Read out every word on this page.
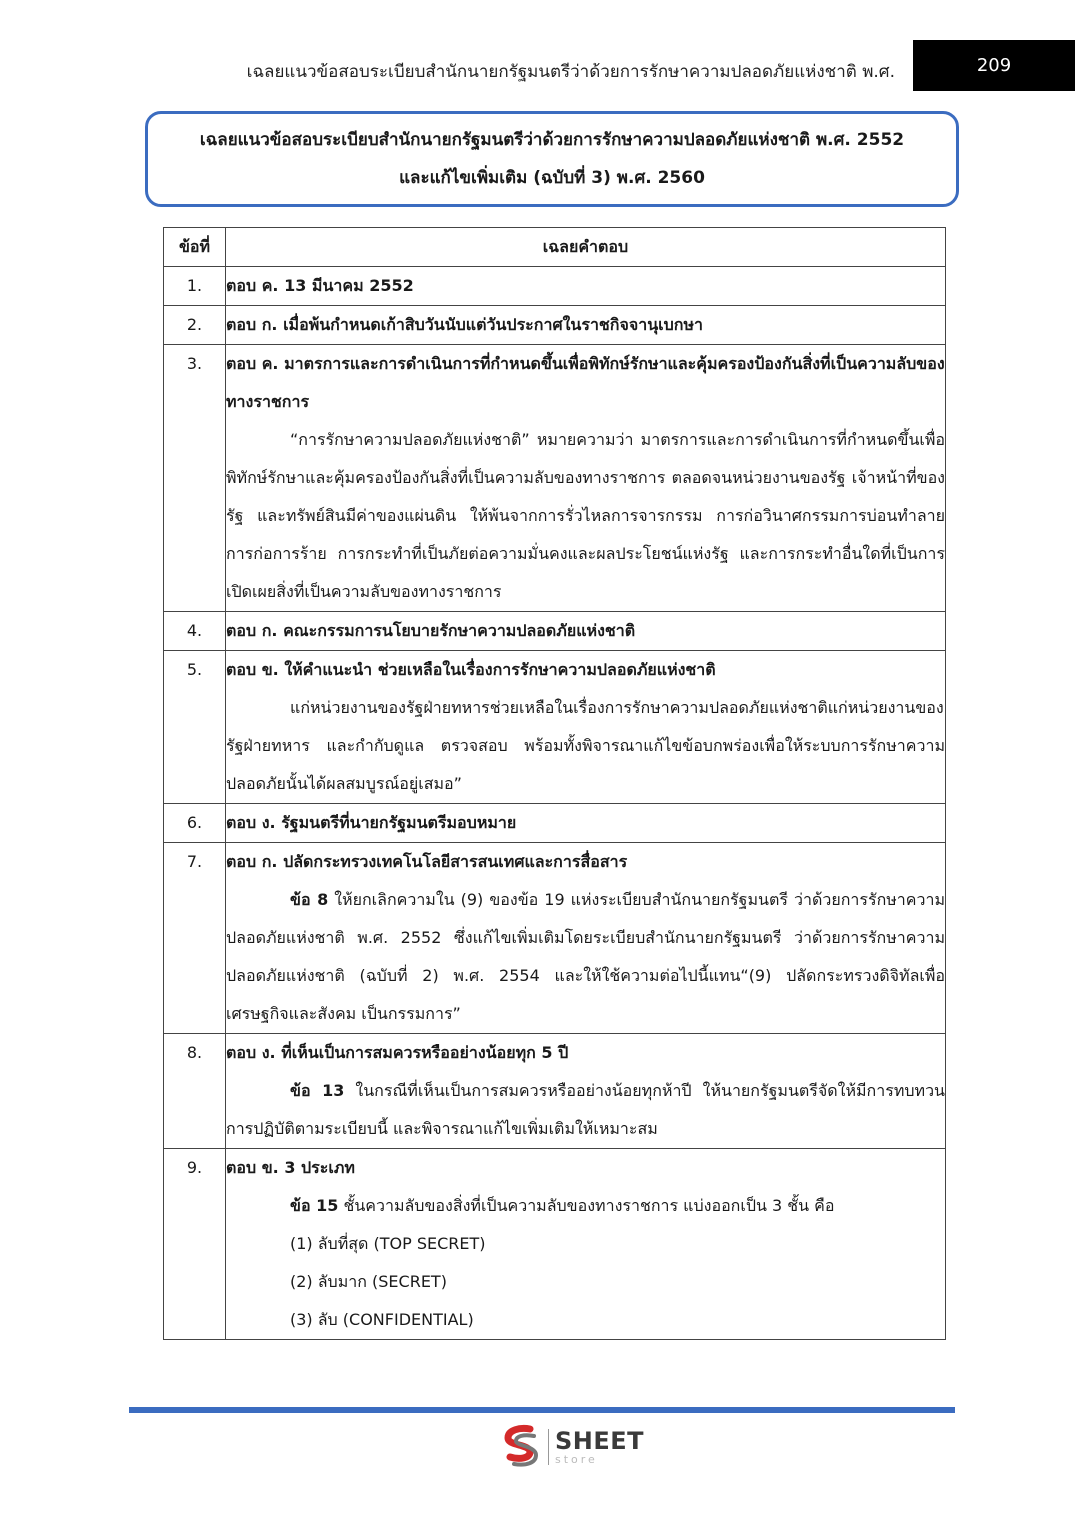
เฉลยแนวข้อสอบระเบียบสำนักนายกรัฐมนตรีว่าด้วยการรักษาความปลอดภัยแห่งชาติ พ.ศ.	209
เฉลยแนวข้อสอบระเบียบสำนักนายกรัฐมนตรีว่าด้วยการรักษาความปลอดภัยแห่งชาติ พ.ศ. 2552
และแก้ไขเพิ่มเติม (ฉบับที่ 3) พ.ศ. 2560
ข้อที่	เฉลยคำตอบ
1.	ตอบ ค. 13 มีนาคม 2552

2.	ตอบ ก. เมื่อพ้นกำหนดเก้าสิบวันนับแต่วันประกาศในราชกิจจานุเบกษา

3.	ตอบ ค. มาตรการและการดำเนินการที่กำหนดขึ้นเพื่อพิทักษ์รักษาและคุ้มครองป้องกันสิ่งที่เป็นความลับของทางราชการ
“การรักษาความปลอดภัยแห่งชาติ” หมายความว่า มาตรการและการดำเนินการที่กำหนดขึ้นเพื่อพิทักษ์รักษาและคุ้มครองป้องกันสิ่งที่เป็นความลับของทางราชการ ตลอดจนหน่วยงานของรัฐ เจ้าหน้าที่ของรัฐ และทรัพย์สินมีค่าของแผ่นดิน ให้พ้นจากการรั่วไหลการจารกรรม การก่อวินาศกรรมการบ่อนทำลาย การก่อการร้าย การกระทำที่เป็นภัยต่อความมั่นคงและผลประโยชน์แห่งรัฐ และการกระทำอื่นใดที่เป็นการเปิดเผยสิ่งที่เป็นความลับของทางราชการ

4.	ตอบ ก. คณะกรรมการนโยบายรักษาความปลอดภัยแห่งชาติ

5.	ตอบ ข. ให้คำแนะนำ ช่วยเหลือในเรื่องการรักษาความปลอดภัยแห่งชาติ
แก่หน่วยงานของรัฐฝ่ายทหารช่วยเหลือในเรื่องการรักษาความปลอดภัยแห่งชาติแก่หน่วยงานของรัฐฝ่ายทหาร และกำกับดูแล ตรวจสอบ พร้อมทั้งพิจารณาแก้ไขข้อบกพร่องเพื่อให้ระบบการรักษาความปลอดภัยนั้นได้ผลสมบูรณ์อยู่เสมอ”

6.	ตอบ ง. รัฐมนตรีที่นายกรัฐมนตรีมอบหมาย

7.	ตอบ ก. ปลัดกระทรวงเทคโนโลยีสารสนเทศและการสื่อสาร
ข้อ 8 ให้ยกเลิกความใน (9) ของข้อ 19 แห่งระเบียบสำนักนายกรัฐมนตรี ว่าด้วยการรักษาความปลอดภัยแห่งชาติ พ.ศ. 2552 ซึ่งแก้ไขเพิ่มเติมโดยระเบียบสำนักนายกรัฐมนตรี ว่าด้วยการรักษาความปลอดภัยแห่งชาติ (ฉบับที่ 2) พ.ศ. 2554 และให้ใช้ความต่อไปนี้แทน“(9) ปลัดกระทรวงดิจิทัลเพื่อเศรษฐกิจและสังคม เป็นกรรมการ”

8.	ตอบ ง. ที่เห็นเป็นการสมควรหรืออย่างน้อยทุก 5 ปี
ข้อ 13 ในกรณีที่เห็นเป็นการสมควรหรืออย่างน้อยทุกห้าปี ให้นายกรัฐมนตรีจัดให้มีการทบทวนการปฏิบัติตามระเบียบนี้ และพิจารณาแก้ไขเพิ่มเติมให้เหมาะสม

9.	ตอบ ข. 3 ประเภท
ข้อ 15 ชั้นความลับของสิ่งที่เป็นความลับของทางราชการ แบ่งออกเป็น 3 ชั้น คือ
(1) ลับที่สุด (TOP SECRET)
(2) ลับมาก (SECRET)
(3) ลับ (CONFIDENTIAL)
SHEET
store
